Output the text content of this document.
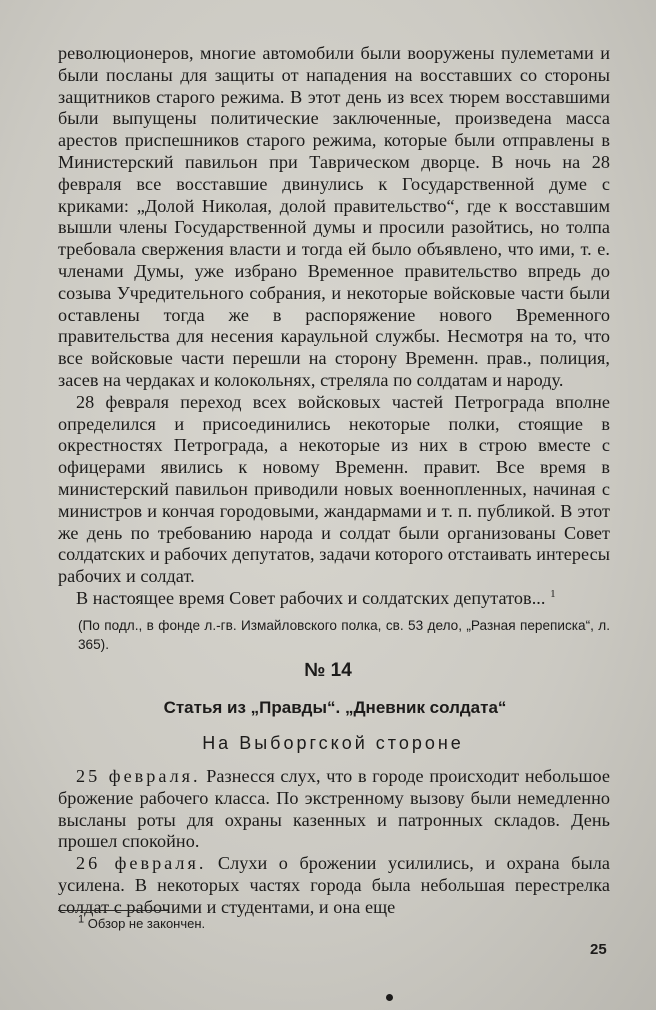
революционеров, многие автомобили были вооружены пулеметами и были посланы для защиты от нападения на восставших со стороны защитников старого режима. В этот день из всех тюрем восставшими были выпущены политические заключенные, произведена масса арестов приспешников старого режима, которые были отправлены в Министерский павильон при Таврическом дворце. В ночь на 28 февраля все восставшие двинулись к Государственной думе с криками: „Долой Николая, долой правительство“, где к восставшим вышли члены Государственной думы и просили разойтись, но толпа требовала свержения власти и тогда ей было объявлено, что ими, т. е. членами Думы, уже избрано Временное правительство впредь до созыва Учредительного собрания, и некоторые войсковые части были оставлены тогда же в распоряжение нового Временного правительства для несения караульной службы. Несмотря на то, что все войсковые части перешли на сторону Временн. прав., полиция, засев на чердаках и колокольнях, стреляла по солдатам и народу.

28 февраля переход всех войсковых частей Петрограда вполне определился и присоединились некоторые полки, стоящие в окрестностях Петрограда, а некоторые из них в строю вместе с офицерами явились к новому Временн. правит. Все время в министерский павильон приводили новых военнопленных, начиная с министров и кончая городовыми, жандармами и т. п. публикой. В этот же день по требованию народа и солдат были организованы Совет солдатских и рабочих депутатов, задачи которого отстаивать интересы рабочих и солдат.

В настоящее время Совет рабочих и солдатских депутатов... $^1$

(По подл., в фонде л.-гв. Измайловского полка, св. 53 дело, „Разная переписка“, л. 365).
№ 14
Статья из „Правды“. „Дневник солдата“
На Выборгской стороне

25 февраля. Разнесся слух, что в городе происходит небольшое брожение рабочего класса. По экстренному вызову были немедленно высланы роты для охраны казенных и патронных складов. День прошел спокойно.

26 февраля. Слухи о брожении усилились, и охрана была усилена. В некоторых частях города была небольшая перестрелка солдат с рабочими и студентами, и она еще

$^1$ Обзор не закончен.
25
